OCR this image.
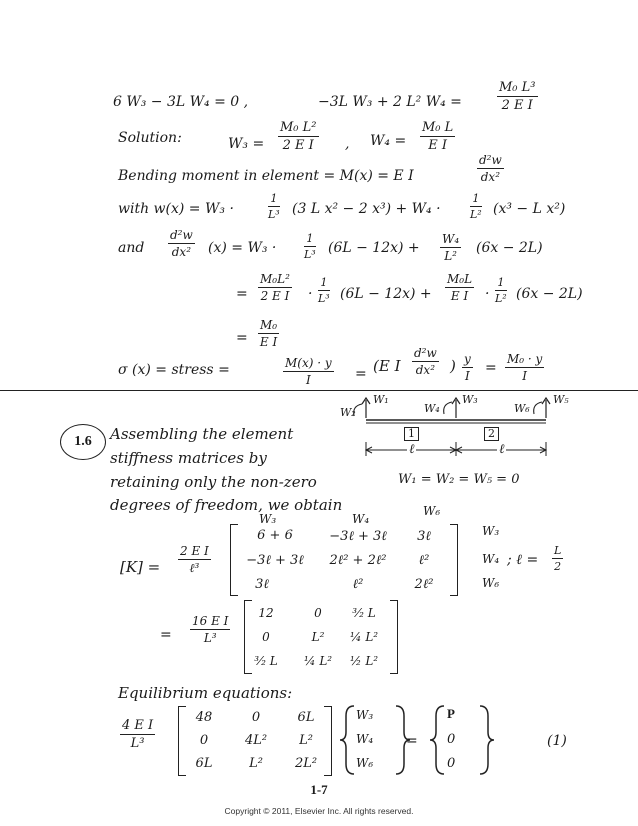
6 W₃ − 3L W₄ = 0 ,	−3L W₃ + 2 L² W₄ =	$\frac{\text{M₀ L³}}{\text{2 E I}}$
Solution:	$W_3 = \frac{\text{M₀ L²}}{\text{2 E I}}$ , $W_4 = \frac{\text{M₀ L}}{\text{E I}}$
Bending moment in element = M(x) = E I	$\frac{\text{d²w}}{\text{dx²}}$
with w(x) = W₃ ·	$\frac{1}{\text{L³}} (3$ L x² − 2 x³) + W₄ ·	$\frac{1}{\text{L²}} (x^3 - L$ x²)
and $\frac{\text{d²w}}{\text{dx²}} (x) = W_3$ ·	$\frac{1}{\text{L³}} (6L - 12x) + \frac{\text{W₄}}{\text{L²}} (6x - 2L)$
= $\frac{\text{M₀L²}}{\text{2 E I}} \cdot \frac{1}{\text{L³}} (6L - 12x) + \frac{\text{M₀L}}{\text{E I}} \cdot \frac{1}{\text{L²}} (6x - 2L)$
= $\frac{\text{M₀}}{\text{E I}}$
σ (x) = stress =	$\frac{M(x) \cdot y}{I} = (E$ I $\frac{\text{d²w}}{\text{dx²}}$ ) $\frac{y}{I} = \frac{\text{M₀ · y}}{I}$
1.6	Assembling the element
stiffness matrices by
retaining only the non-zero
degrees of freedom, we obtain
W₁
W₂
W₃
W₄
W₅
W₆
1	2
ℓ	ℓ
W₁ = W₂ = W₅ = 0
W₃	W₄
W₆
[K] =
2 E I
ℓ³
6 + 6	−3ℓ + 3ℓ	3ℓ
−3ℓ + 3ℓ	2ℓ² + 2ℓ²	ℓ²
3ℓ	ℓ²	2ℓ²
W₃
W₄
W₆
; ℓ = $\frac{L}{2}$
= $\frac{\text{16 E I}}{\text{L³}}$
12	0	³⁄₂ L
0	L²	¼ L²
³⁄₂ L	¼ L²	½ L²
Equilibrium equations:
$\frac{\text{4 E I}}{\text{L³}}$
48	0	6L
0	4L²	L²
6L	L²	2L²
W₃
W₄
W₆
=
P
0
0
(1)
1-7
Copyright © 2011, Elsevier Inc. All rights reserved.
